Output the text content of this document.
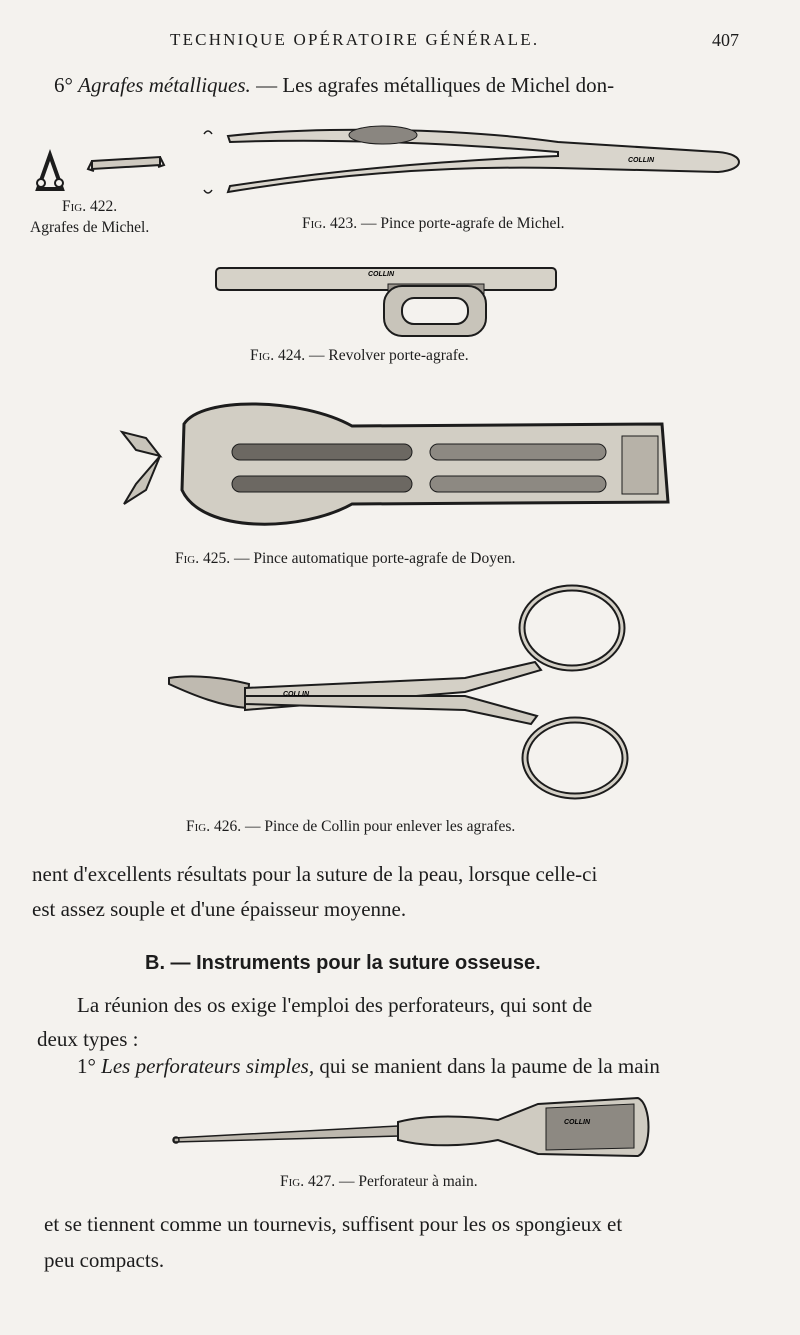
TECHNIQUE OPÉRATOIRE GÉNÉRALE.	407
6° Agrafes métalliques. — Les agrafes métalliques de Michel don-
Fig. 422.
Agrafes de Michel.
COLLIN
Fig. 423. — Pince porte-agrafe de Michel.
COLLIN
Fig. 424. — Revolver porte-agrafe.
Fig. 425. — Pince automatique porte-agrafe de Doyen.
COLLIN
Fig. 426. — Pince de Collin pour enlever les agrafes.
nent d'excellents résultats pour la suture de la peau, lorsque celle-ci
est assez souple et d'une épaisseur moyenne.
B. — Instruments pour la suture osseuse.
La réunion des os exige l'emploi des perforateurs, qui sont de
deux types :
1° Les perforateurs simples, qui se manient dans la paume de la main
COLLIN
Fig. 427. — Perforateur à main.
et se tiennent comme un tournevis, suffisent pour les os spongieux et
peu compacts.
